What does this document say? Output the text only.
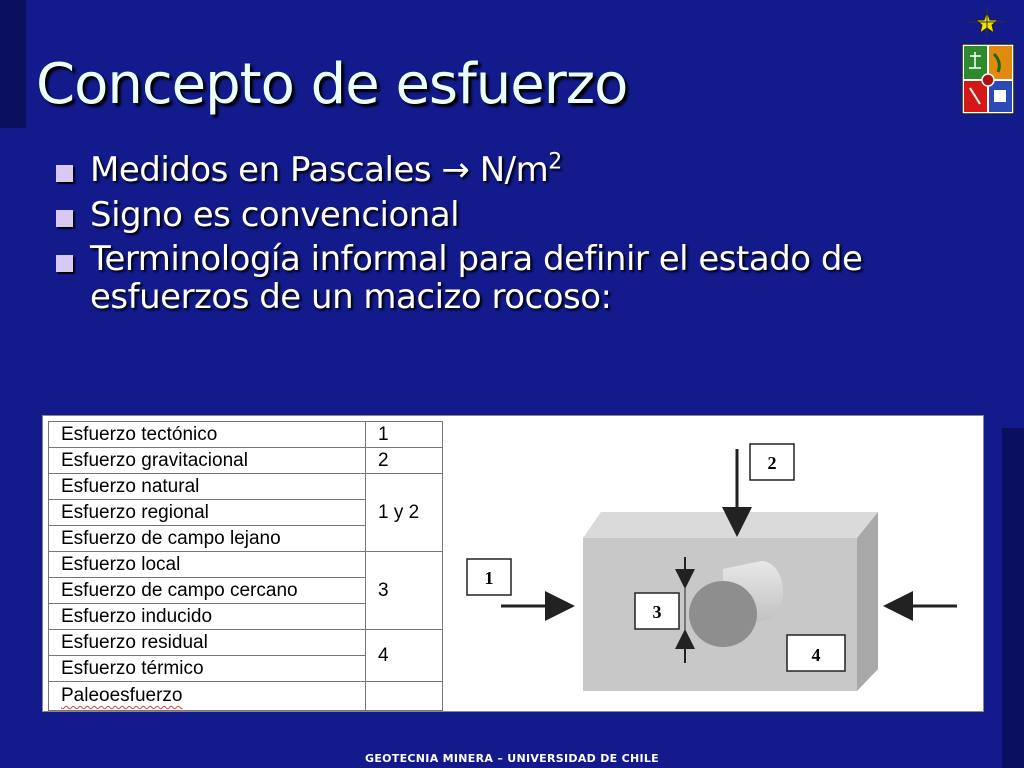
Concepto de esfuerzo
Medidos en Pascales → $N/m^2$
Signo es convencional
Terminología informal para definir el estado de
esfuerzos de un macizo rocoso:
Esfuerzo tectónico	1
Esfuerzo gravitacional	2
Esfuerzo natural	1 y 2
Esfuerzo regional	
Esfuerzo de campo lejano	
Esfuerzo local	3
Esfuerzo de campo cercano	
Esfuerzo inducido	
Esfuerzo residual	4
Esfuerzo térmico	
Paleoesfuerzo	
1
2
3
4
GEOTECNIA MINERA – UNIVERSIDAD DE CHILE
